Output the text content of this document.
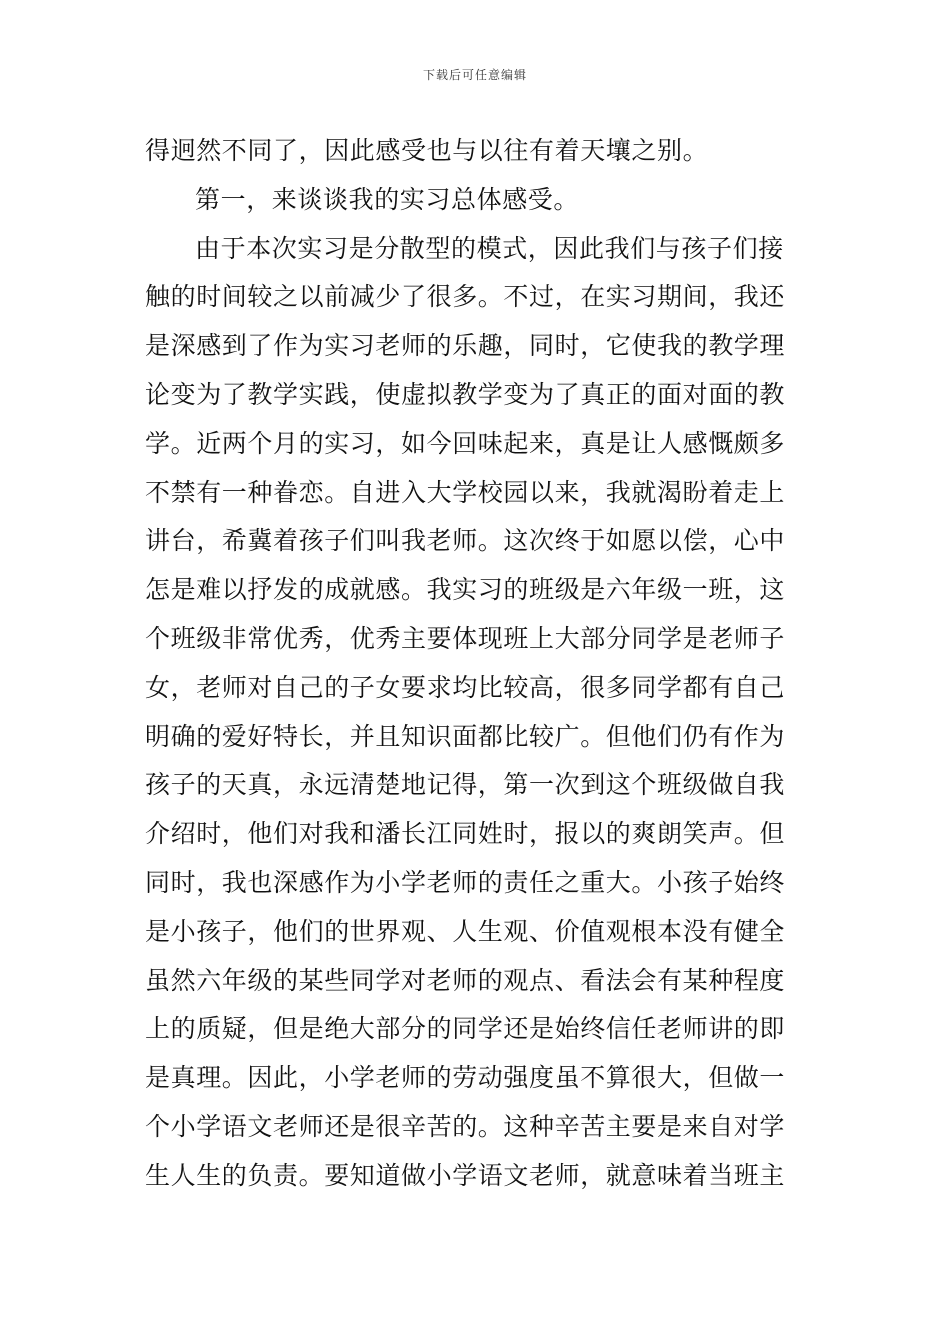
下载后可任意编辑
得迥然不同了，因此感受也与以往有着天壤之别。
第一，来谈谈我的实习总体感受。
由于本次实习是分散型的模式，因此我们与孩子们接
触的时间较之以前减少了很多。不过，在实习期间，我还
是深感到了作为实习老师的乐趣，同时，它使我的教学理
论变为了教学实践，使虚拟教学变为了真正的面对面的教
学。近两个月的实习，如今回味起来，真是让人感慨颇多
不禁有一种眷恋。自进入大学校园以来，我就渴盼着走上
讲台，希冀着孩子们叫我老师。这次终于如愿以偿，心中
怎是难以抒发的成就感。我实习的班级是六年级一班，这
个班级非常优秀，优秀主要体现班上大部分同学是老师子
女，老师对自己的子女要求均比较高，很多同学都有自己
明确的爱好特长，并且知识面都比较广。但他们仍有作为
孩子的天真，永远清楚地记得，第一次到这个班级做自我
介绍时，他们对我和潘长江同姓时，报以的爽朗笑声。但
同时，我也深感作为小学老师的责任之重大。小孩子始终
是小孩子，他们的世界观、人生观、价值观根本没有健全
虽然六年级的某些同学对老师的观点、看法会有某种程度
上的质疑，但是绝大部分的同学还是始终信任老师讲的即
是真理。因此，小学老师的劳动强度虽不算很大，但做一
个小学语文老师还是很辛苦的。这种辛苦主要是来自对学
生人生的负责。要知道做小学语文老师，就意味着当班主
